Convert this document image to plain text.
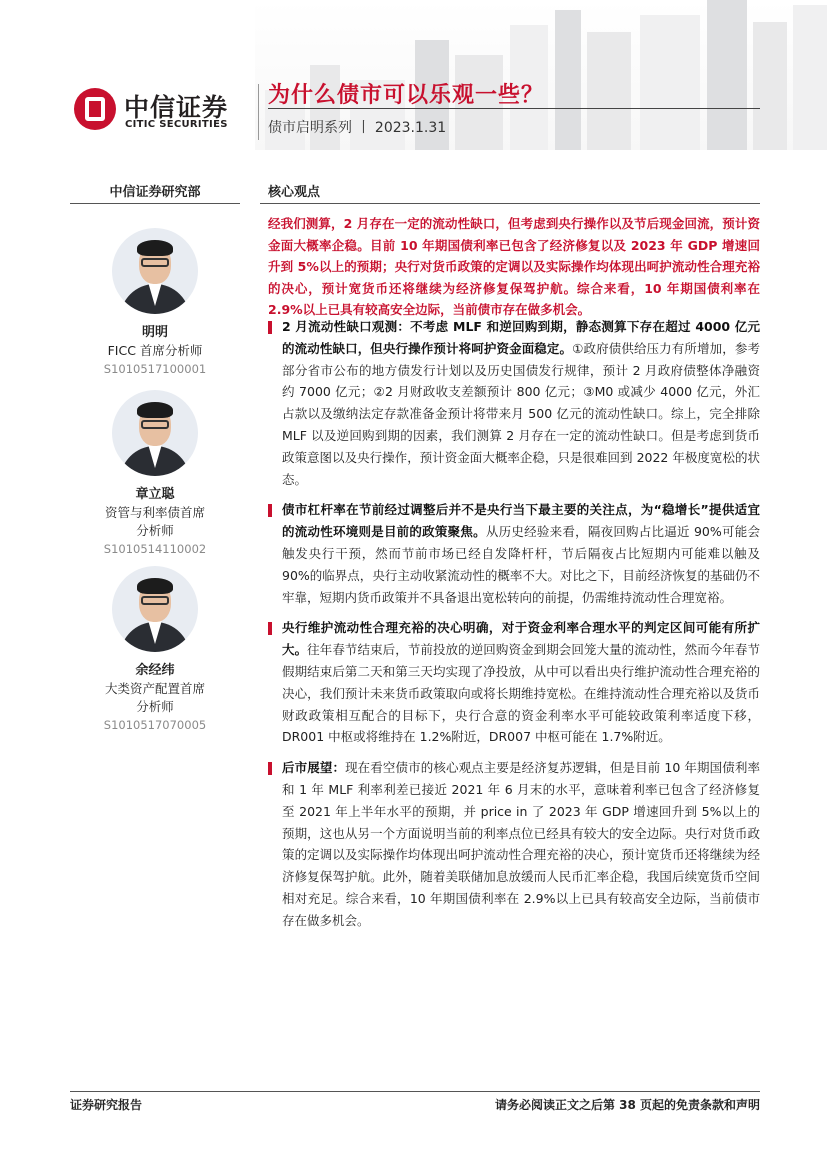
中信证券
CITIC SECURITIES
为什么债市可以乐观一些？
债市启明系列 丨 2023.1.31
中信证券研究部	核心观点
明明
FICC 首席分析师
S1010517100001
章立聪
资管与利率债首席
分析师
S1010514110002
余经纬
大类资产配置首席
分析师
S1010517070005
经我们测算，2 月存在一定的流动性缺口，但考虑到央行操作以及节后现金回流，预计资金面大概率企稳。目前 10 年期国债利率已包含了经济修复以及 2023 年 GDP 增速回升到 5%以上的预期；央行对货币政策的定调以及实际操作均体现出呵护流动性合理充裕的决心，预计宽货币还将继续为经济修复保驾护航。综合来看，10 年期国债利率在 2.9%以上已具有较高安全边际，当前债市存在做多机会。
2 月流动性缺口观测：不考虑 MLF 和逆回购到期，静态测算下存在超过 4000 亿元的流动性缺口，但央行操作预计将呵护资金面稳定。①政府债供给压力有所增加，参考部分省市公布的地方债发行计划以及历史国债发行规律，预计 2 月政府债整体净融资约 7000 亿元；②2 月财政收支差额预计 800 亿元；③M0 或减少 4000 亿元，外汇占款以及缴纳法定存款准备金预计将带来月 500 亿元的流动性缺口。综上，完全排除 MLF 以及逆回购到期的因素，我们测算 2 月存在一定的流动性缺口。但是考虑到货币政策意图以及央行操作，预计资金面大概率企稳，只是很难回到 2022 年极度宽松的状态。
债市杠杆率在节前经过调整后并不是央行当下最主要的关注点，为“稳增长”提供适宜的流动性环境则是目前的政策聚焦。从历史经验来看，隔夜回购占比逼近 90%可能会触发央行干预，然而节前市场已经自发降杆杆，节后隔夜占比短期内可能难以触及 90%的临界点，央行主动收紧流动性的概率不大。对比之下，目前经济恢复的基础仍不牢靠，短期内货币政策并不具备退出宽松转向的前提，仍需维持流动性合理宽裕。
央行维护流动性合理充裕的决心明确，对于资金利率合理水平的判定区间可能有所扩大。往年春节结束后，节前投放的逆回购资金到期会回笼大量的流动性，然而今年春节假期结束后第二天和第三天均实现了净投放，从中可以看出央行维护流动性合理充裕的决心，我们预计未来货币政策取向或将长期维持宽松。在维持流动性合理充裕以及货币财政政策相互配合的目标下，央行合意的资金利率水平可能较政策利率适度下移，DR001 中枢或将维持在 1.2%附近，DR007 中枢可能在 1.7%附近。
后市展望：现在看空债市的核心观点主要是经济复苏逻辑，但是目前 10 年期国债利率和 1 年 MLF 利率利差已接近 2021 年 6 月末的水平，意味着利率已包含了经济修复至 2021 年上半年水平的预期，并 price in 了 2023 年 GDP 增速回升到 5%以上的预期，这也从另一个方面说明当前的利率点位已经具有较大的安全边际。央行对货币政策的定调以及实际操作均体现出呵护流动性合理充裕的决心，预计宽货币还将继续为经济修复保驾护航。此外，随着美联储加息放缓而人民币汇率企稳，我国后续宽货币空间相对充足。综合来看，10 年期国债利率在 2.9%以上已具有较高安全边际，当前债市存在做多机会。
证券研究报告	请务必阅读正文之后第 38 页起的免责条款和声明
